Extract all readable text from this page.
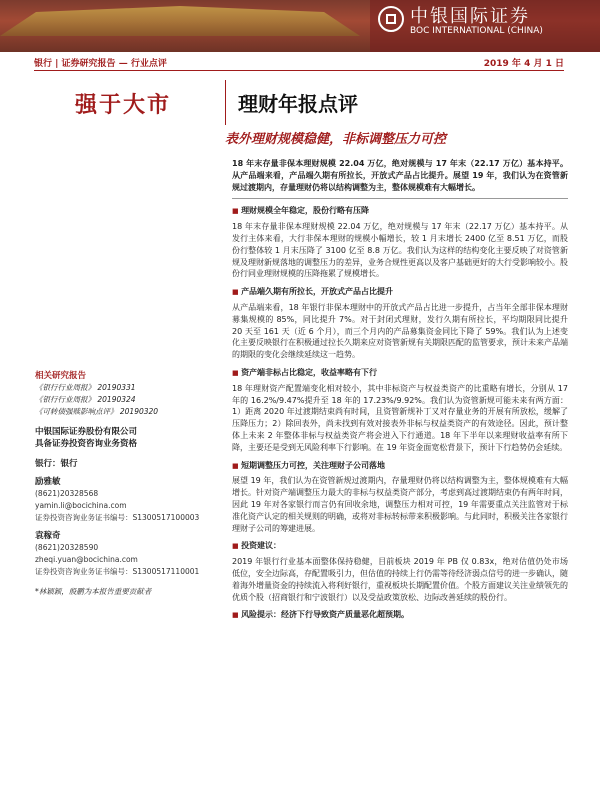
中银国际证券
BOC INTERNATIONAL (CHINA)
银行 | 证券研究报告 — 行业点评	2019 年 4 月 1 日
强于大市	理财年报点评
表外理财规模稳健，非标调整压力可控
相关研究报告
《银行行业周报》 20190331
《银行行业周报》 20190324
《可转债强赎影响点评》 20190320
中银国际证券股份有限公司
具备证券投资咨询业务资格
银行：银行
励雅敏
(8621)20328568
yamin.li@bocichina.com
证券投资咨询业务证书编号：S1300517100003
袁稼奇
(8621)20328590
zheqi.yuan@bocichina.com
证券投资咨询业务证书编号：S1300517110001
*林颖颖，殷鹏为本报告重要贡献者

18 年末存量非保本理财规模 22.04 万亿，绝对规模与 17 年末（22.17 万亿）基本持平。从产品端来看，产品端久期有所拉长，开放式产品占比提升。展望 19 年，我们认为在资管新规过渡期内，存量理财仍将以结构调整为主，整体规模难有大幅增长。

■ 理财规模全年稳定，股份行略有压降

18 年末存量非保本理财规模 22.04 万亿，绝对规模与 17 年末（22.17 万亿）基本持平。从发行主体来看，大行非保本理财的规模小幅增长，较 1 月末增长 2400 亿至 8.51 万亿，而股份行整体较 1 月末压降了 3100 亿至 8.8 万亿。我们认为这样的结构变化主要反映了对资管新规及理财新规落地的调整压力的差异，业务合规性更高以及客户基础更好的大行受影响较小。股份行同业理财规模的压降拖累了规模增长。

■ 产品端久期有所拉长，开放式产品占比提升

从产品端来看，18 年银行非保本理财中的开放式产品占比进一步提升，占当年全部非保本理财募集规模的 85%，同比提升 7%。对于封闭式理财，发行久期有所拉长，平均期限同比提升 20 天至 161 天（近 6 个月），而三个月内的产品募集资金同比下降了 59%。我们认为上述变化主要反映银行在积极通过拉长久期来应对资管新规有关期限匹配的监管要求，预计未来产品端的期限的变化会继续延续这一趋势。

■ 资产端非标占比稳定，收益率略有下行

18 年理财资产配置端变化相对较小，其中非标资产与权益类资产的比重略有增长，分别从 17 年的 16.2%/9.47%提升至 18 年的 17.23%/9.92%。我们认为资管新规可能未来有两方面：1）距离 2020 年过渡期结束尚有时间，且资管新规补丁又对存量业务的开展有所放松，缓解了压降压力；2）除回表外，尚未找到有效对接表外非标与权益类资产的有效途径。因此，预计整体上未来 2 年整体非标与权益类资产将会进入下行通道。18 年下半年以来理财收益率有所下降，主要还是受到无风险利率下行影响。在 19 年资金面宽松背景下，预计下行趋势仍会延续。

■ 短期调整压力可控，关注理财子公司落地

展望 19 年，我们认为在资管新规过渡期内，存量理财仍将以结构调整为主，整体规模难有大幅增长。针对资产端调整压力最大的非标与权益类资产部分，考虑到高过渡期结束仍有两年时间，因此 19 年对各家银行而言仍有回收余地，调整压力相对可控，19 年需要重点关注监管对于标准化资产认定的相关规则的明确，或将对非标转标带来积极影响。与此同时，积极关注各家银行理财子公司的筹建进展。

■ 投资建议：

2019 年银行行业基本面整体保持稳健，目前板块 2019 年 PB 仅 0.83x，绝对估值仍处市场低位，安全边际高，存配置吸引力，但估值的持续上行仍需等待经济弱点信号的进一步确认，随着海外增量资金的持续流入将利好银行，重视板块长期配置价值。个股方面建议关注业绩领先的优质个股（招商银行和宁波银行）以及受益政策放松、边际改善延续的股份行。

■ 风险提示：经济下行导致资产质量恶化超预期。
